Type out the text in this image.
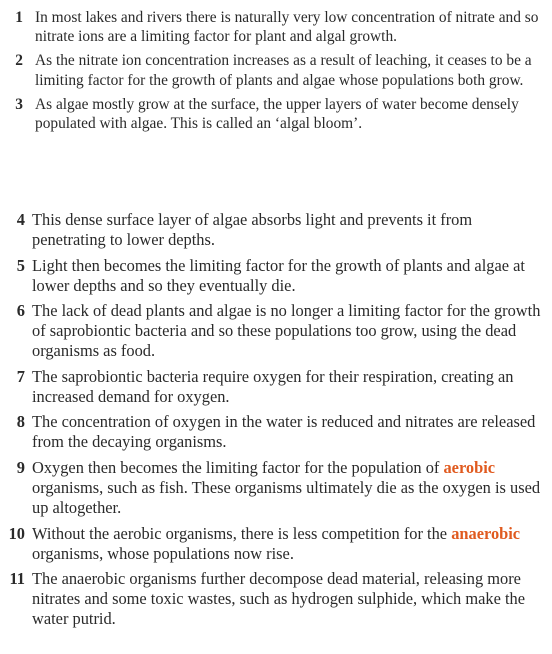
1 In most lakes and rivers there is naturally very low concentration of nitrate and so nitrate ions are a limiting factor for plant and algal growth.
2 As the nitrate ion concentration increases as a result of leaching, it ceases to be a limiting factor for the growth of plants and algae whose populations both grow.
3 As algae mostly grow at the surface, the upper layers of water become densely populated with algae. This is called an ‘algal bloom’.
4 This dense surface layer of algae absorbs light and prevents it from penetrating to lower depths.
5 Light then becomes the limiting factor for the growth of plants and algae at lower depths and so they eventually die.
6 The lack of dead plants and algae is no longer a limiting factor for the growth of saprobiontic bacteria and so these populations too grow, using the dead organisms as food.
7 The saprobiontic bacteria require oxygen for their respiration, creating an increased demand for oxygen.
8 The concentration of oxygen in the water is reduced and nitrates are released from the decaying organisms.
9 Oxygen then becomes the limiting factor for the population of aerobic organisms, such as fish. These organisms ultimately die as the oxygen is used up altogether.
10 Without the aerobic organisms, there is less competition for the anaerobic organisms, whose populations now rise.
11 The anaerobic organisms further decompose dead material, releasing more nitrates and some toxic wastes, such as hydrogen sulphide, which make the water putrid.
